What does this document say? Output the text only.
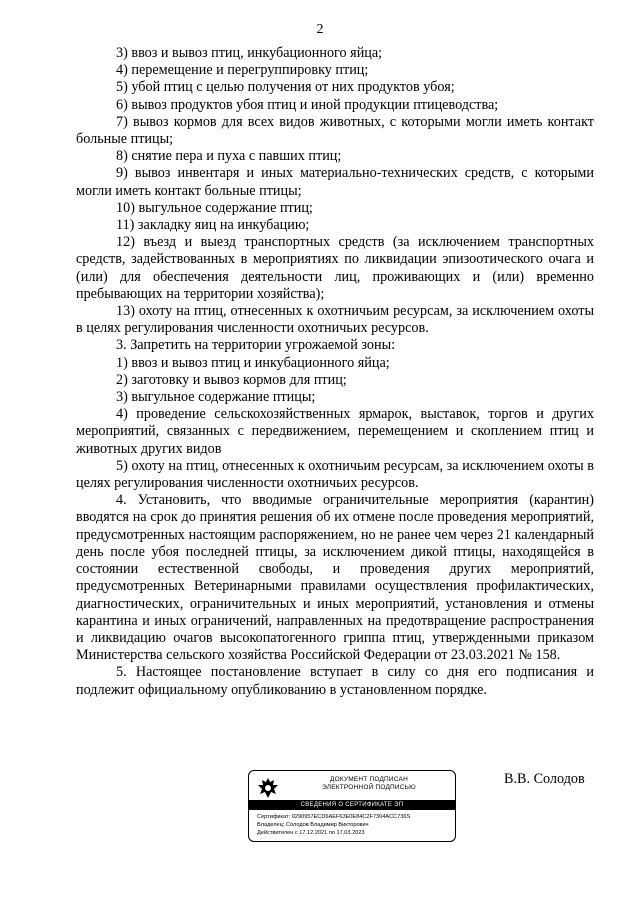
2

3) ввоз и вывоз птиц, инкубационного яйца;

4) перемещение и перегруппировку птиц;

5) убой птиц с целью получения от них продуктов убоя;

6) вывоз продуктов убоя птиц и иной продукции птицеводства;

7) вывоз кормов для всех видов животных, с которыми могли иметь контакт больные птицы;

8) снятие пера и пуха с павших птиц;

9) вывоз инвентаря и иных материально-технических средств, с которыми могли иметь контакт больные птицы;

10) выгульное содержание птиц;

11) закладку яиц на инкубацию;

12) въезд и выезд транспортных средств (за исключением транспортных средств, задействованных в мероприятиях по ликвидации эпизоотического очага и (или) для обеспечения деятельности лиц, проживающих и (или) временно пребывающих на территории хозяйства);

13) охоту на птиц, отнесенных к охотничьим ресурсам, за исключением охоты в целях регулирования численности охотничьих ресурсов.

3. Запретить на территории угрожаемой зоны:

1) ввоз и вывоз птиц и инкубационного яйца;

2) заготовку и вывоз кормов для птиц;

3) выгульное содержание птицы;

4) проведение сельскохозяйственных ярмарок, выставок, торгов и других мероприятий, связанных с передвижением, перемещением и скоплением птиц и животных других видов

5) охоту на птиц, отнесенных к охотничьим ресурсам, за исключением охоты в целях регулирования численности охотничьих ресурсов.

4. Установить, что вводимые ограничительные мероприятия (карантин) вводятся на срок до принятия решения об их отмене после проведения мероприятий, предусмотренных настоящим распоряжением, но не ранее чем через 21 календарный день после убоя последней птицы, за исключением дикой птицы, находящейся в состоянии естественной свободы, и проведения других мероприятий, предусмотренных Ветеринарными правилами осуществления профилактических, диагностических, ограничительных и иных мероприятий, установления и отмены карантина и иных ограничений, направленных на предотвращение распространения и ликвидацию очагов высокопатогенного гриппа птиц, утвержденными приказом Министерства сельского хозяйства Российской Федерации от 23.03.2021 № 158.

5. Настоящее постановление вступает в силу со дня его подписания и подлежит официальному опубликованию в установленном порядке.

ДОКУМЕНТ ПОДПИСАН
ЭЛЕКТРОННОЙ ПОДПИСЬЮ
СВЕДЕНИЯ О СЕРТИФИКАТЕ ЭП
Сертификат: 0290957ECD6AEF63E0E84C2F7304ACC736S
Владелец: Солодов Владимир Викторович
Действителен с 17.12.2021 по 17.03.2023
В.В. Солодов
